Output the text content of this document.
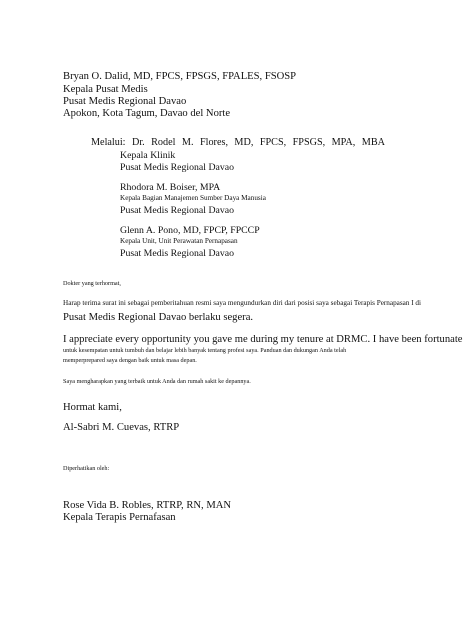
Bryan O. Dalid, MD, FPCS, FPSGS, FPALES, FSOSP
Kepala Pusat Medis
Pusat Medis Regional Davao
Apokon, Kota Tagum, Davao del Norte
Melalui: Dr. Rodel M. Flores, MD, FPCS, FPSGS, MPA, MBA
Kepala Klinik
Pusat Medis Regional Davao
Rhodora M. Boiser, MPA
Kepala Bagian Manajemen Sumber Daya Manusia
Pusat Medis Regional Davao
Glenn A. Pono, MD, FPCP, FPCCP
Kepala Unit, Unit Perawatan Pernapasan
Pusat Medis Regional Davao
Dokter yang terhormat,
Harap terima surat ini sebagai pemberitahuan resmi saya mengundurkan diri dari posisi saya sebagai Terapis Pernapasan I di
Pusat Medis Regional Davao berlaku segera.
I appreciate every opportunity you gave me during my tenure at DRMC. I have been fortunate
untuk kesempatan untuk tumbuh dan belajar lebih banyak tentang profesi saya. Panduan dan dukungan Anda telah
memperprepared saya dengan baik untuk masa depan.
Saya mengharapkan yang terbaik untuk Anda dan rumah sakit ke depannya.
Hormat kami,
Al-Sabri M. Cuevas, RTRP
Diperhatikan oleh:
Rose Vida B. Robles, RTRP, RN, MAN
Kepala Terapis Pernafasan
